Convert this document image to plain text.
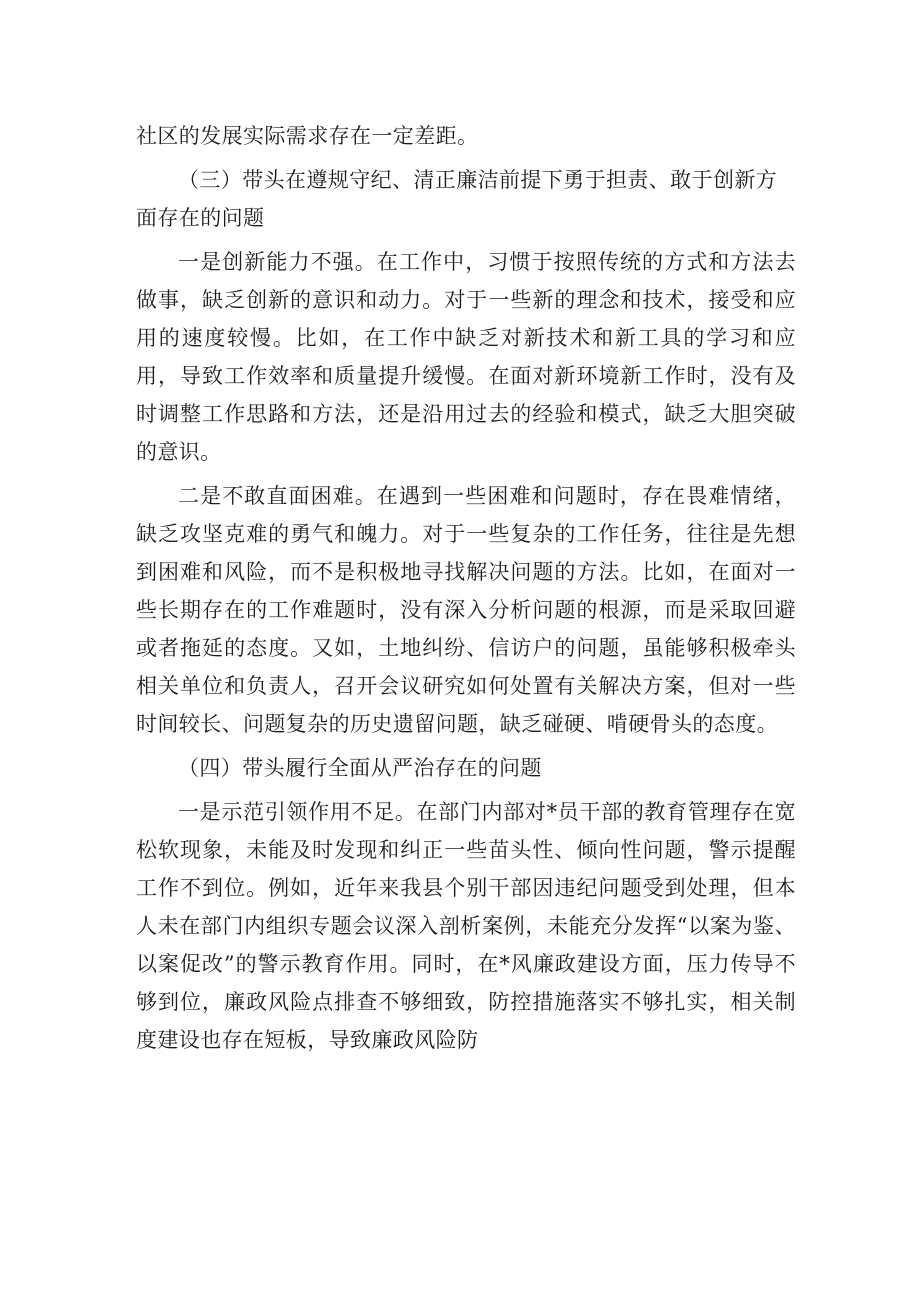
社区的发展实际需求存在一定差距。

（三）带头在遵规守纪、清正廉洁前提下勇于担责、敢于创新方面存在的问题

一是创新能力不强。在工作中，习惯于按照传统的方式和方法去做事，缺乏创新的意识和动力。对于一些新的理念和技术，接受和应用的速度较慢。比如，在工作中缺乏对新技术和新工具的学习和应用，导致工作效率和质量提升缓慢。在面对新环境新工作时，没有及时调整工作思路和方法，还是沿用过去的经验和模式，缺乏大胆突破的意识。

二是不敢直面困难。在遇到一些困难和问题时，存在畏难情绪，缺乏攻坚克难的勇气和魄力。对于一些复杂的工作任务，往往是先想到困难和风险，而不是积极地寻找解决问题的方法。比如，在面对一些长期存在的工作难题时，没有深入分析问题的根源，而是采取回避或者拖延的态度。又如，土地纠纷、信访户的问题，虽能够积极牵头相关单位和负责人，召开会议研究如何处置有关解决方案，但对一些时间较长、问题复杂的历史遗留问题，缺乏碰硬、啃硬骨头的态度。

（四）带头履行全面从严治存在的问题

一是示范引领作用不足。在部门内部对*员干部的教育管理存在宽松软现象，未能及时发现和纠正一些苗头性、倾向性问题，警示提醒工作不到位。例如，近年来我县个别干部因违纪问题受到处理，但本人未在部门内组织专题会议深入剖析案例，未能充分发挥“以案为鉴、以案促改”的警示教育作用。同时，在*风廉政建设方面，压力传导不够到位，廉政风险点排查不够细致，防控措施落实不够扎实，相关制度建设也存在短板，导致廉政风险防
